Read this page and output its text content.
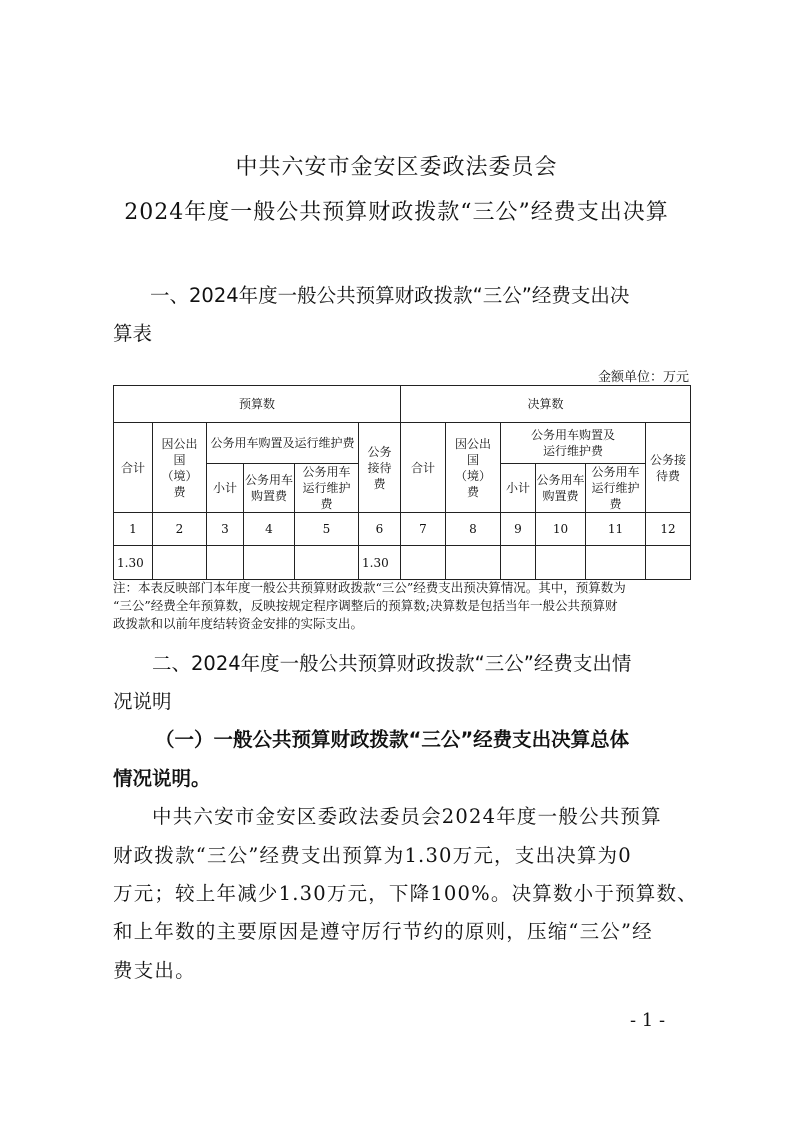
中共六安市金安区委政法委员会
2024年度一般公共预算财政拨款“三公”经费支出决算
一、2024年度一般公共预算财政拨款“三公”经费支出决
算表
金额单位：万元
预算数						决算数					
合计	因公出国（境）费	公务用车购置及运行维护费			公务接待费	合计	因公出国（境）费	公务用车购置及运行维护费			公务接待费
		小计	公务用车购置费	公务用车运行维护费				小计	公务用车购置费	公务用车运行维护费	
1	2	3	4	5	6	7	8	9	10	11	12
1.30					1.30						
注：本表反映部门本年度一般公共预算财政拨款“三公”经费支出预决算情况。其中，预算数为
“三公”经费全年预算数，反映按规定程序调整后的预算数;决算数是包括当年一般公共预算财
政拨款和以前年度结转资金安排的实际支出。
二、2024年度一般公共预算财政拨款“三公”经费支出情
况说明
（一）一般公共预算财政拨款“三公”经费支出决算总体
情况说明。
中共六安市金安区委政法委员会2024年度一般公共预算
财政拨款“三公”经费支出预算为1.30万元，支出决算为0
万元；较上年减少1.30万元，下降100%。决算数小于预算数、
和上年数的主要原因是遵守厉行节约的原则，压缩“三公”经
费支出。
- 1 -
